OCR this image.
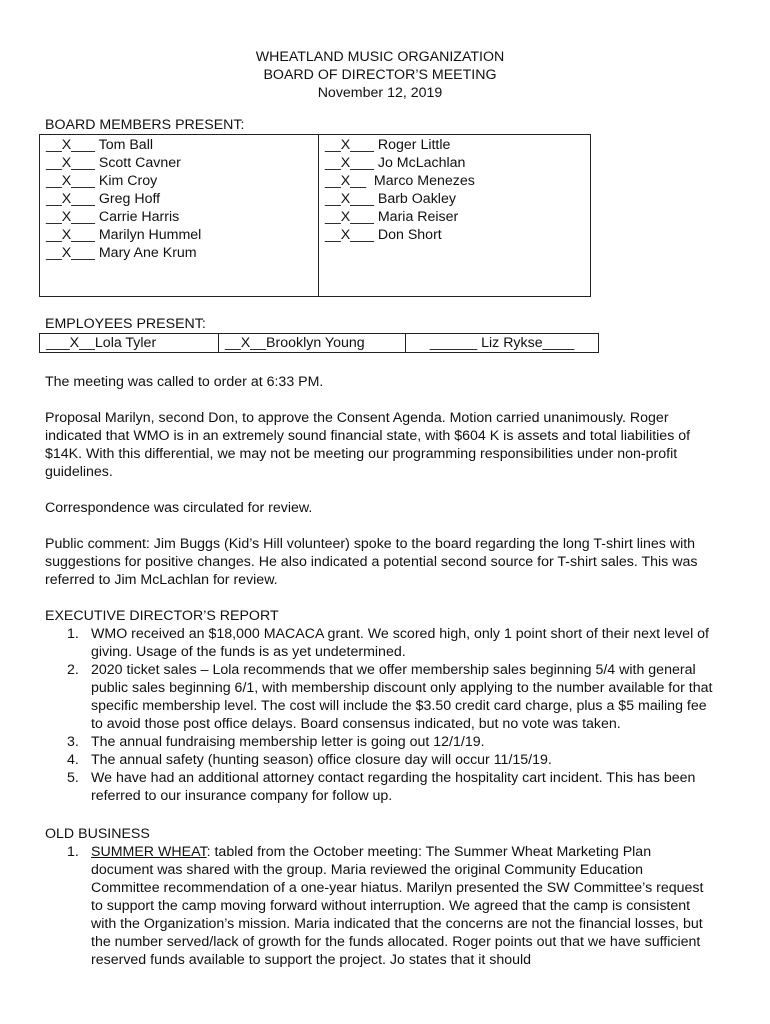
WHEATLAND MUSIC ORGANIZATION
BOARD OF DIRECTOR’S MEETING
November 12, 2019
BOARD MEMBERS PRESENT:
__X___ Tom Ball
__X___ Scott Cavner
__X___ Kim Croy
__X___ Greg Hoff
__X___ Carrie Harris
__X___ Marilyn Hummel
__X___ Mary Ane Krum

__X___ Roger Little
__X___ Jo McLachlan
__X__  Marco Menezes
__X___ Barb Oakley
__X___ Maria Reiser
__X___ Don Short
EMPLOYEES PRESENT:
___X__Lola Tyler	__X__Brooklyn Young	______ Liz Rykse____

The meeting was called to order at 6:33 PM.

Proposal Marilyn, second Don, to approve the Consent Agenda. Motion carried unanimously. Roger indicated that WMO is in an extremely sound financial state, with $604 K is assets and total liabilities of $14K. With this differential, we may not be meeting our programming responsibilities under non-profit guidelines.

Correspondence was circulated for review.

Public comment: Jim Buggs (Kid’s Hill volunteer) spoke to the board regarding the long T-shirt lines with suggestions for positive changes. He also indicated a potential second source for T-shirt sales. This was referred to Jim McLachlan for review.

EXECUTIVE DIRECTOR’S REPORT
1. WMO received an $18,000 MACACA grant. We scored high, only 1 point short of their next level of giving. Usage of the funds is as yet undetermined.
2. 2020 ticket sales – Lola recommends that we offer membership sales beginning 5/4 with general public sales beginning 6/1, with membership discount only applying to the number available for that specific membership level. The cost will include the $3.50 credit card charge, plus a $5 mailing fee to avoid those post office delays. Board consensus indicated, but no vote was taken.
3. The annual fundraising membership letter is going out 12/1/19.
4. The annual safety (hunting season) office closure day will occur 11/15/19.
5. We have had an additional attorney contact regarding the hospitality cart incident. This has been referred to our insurance company for follow up.
OLD BUSINESS
1. SUMMER WHEAT: tabled from the October meeting: The Summer Wheat Marketing Plan document was shared with the group. Maria reviewed the original Community Education Committee recommendation of a one-year hiatus. Marilyn presented the SW Committee’s request to support the camp moving forward without interruption. We agreed that the camp is consistent with the Organization’s mission. Maria indicated that the concerns are not the financial losses, but the number served/lack of growth for the funds allocated. Roger points out that we have sufficient reserved funds available to support the project. Jo states that it should
